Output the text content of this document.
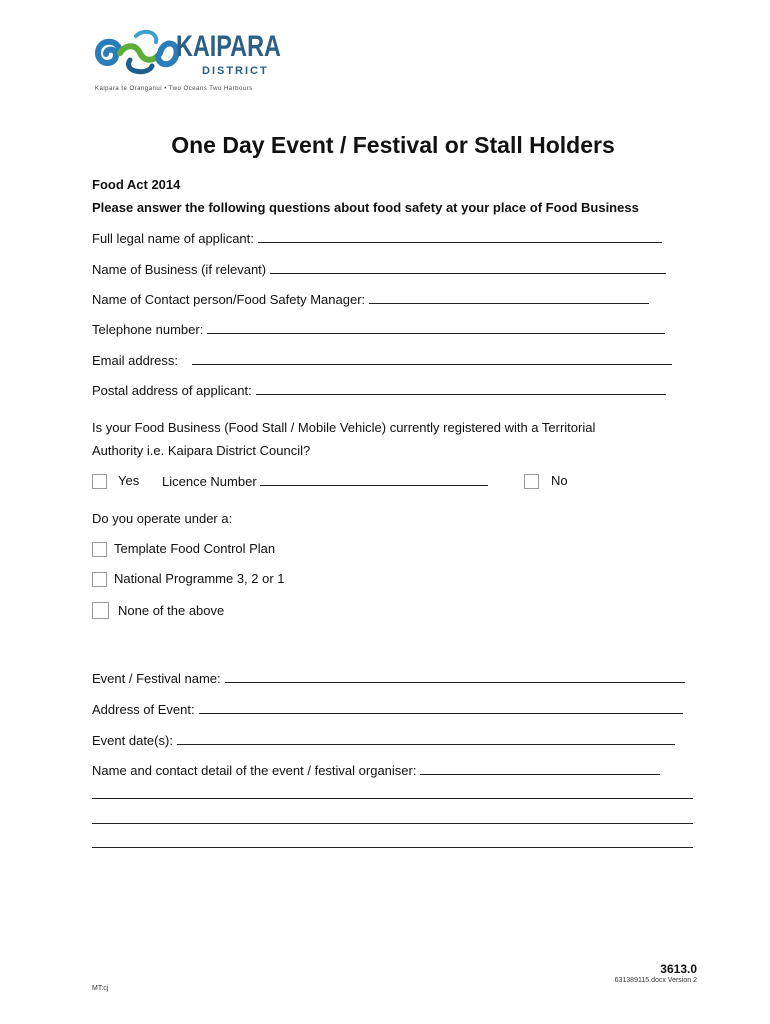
KAIPARA
DISTRICT
Kaipara te Oranganui • Two Oceans Two Harbours
One Day Event / Festival or Stall Holders
Food Act 2014
Please answer the following questions about food safety at your place of Food Business
Full legal name of applicant:
Name of Business (if relevant)
Name of Contact person/Food Safety Manager:
Telephone number:
Email address:
Postal address of applicant:
Is your Food Business (Food Stall / Mobile Vehicle) currently registered with a Territorial
Authority i.e. Kaipara District Council?
Yes Licence Number	No
Do you operate under a:
Template Food Control Plan
National Programme 3, 2 or 1
None of the above
Event / Festival name:
Address of Event:
Event date(s):
Name and contact detail of the event / festival organiser:
3613.0
631389115.docx Version 2
MT:cj
